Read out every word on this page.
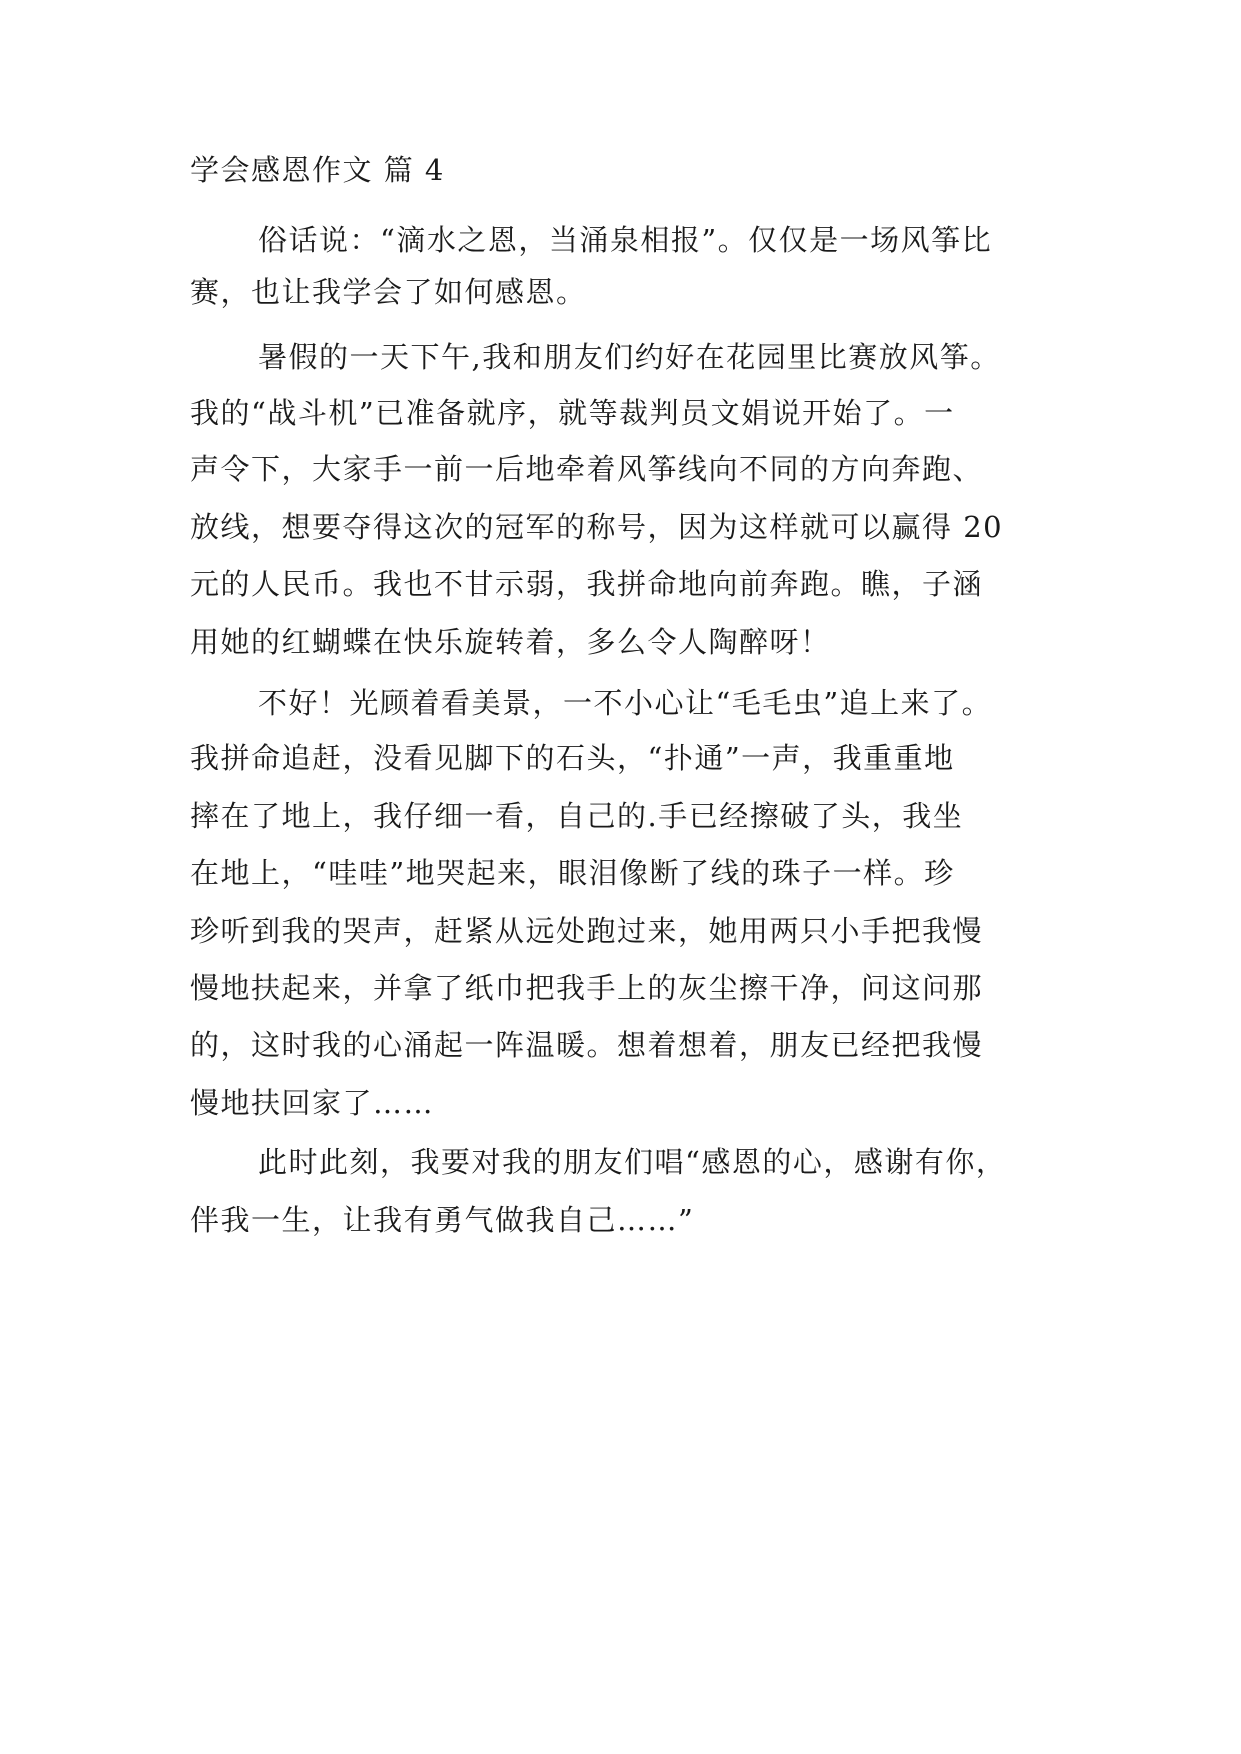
学会感恩作文 篇 4
俗话说：“滴水之恩，当涌泉相报”。仅仅是一场风筝比
赛，也让我学会了如何感恩。
暑假的一天下午,我和朋友们约好在花园里比赛放风筝。
我的“战斗机”已准备就序，就等裁判员文娟说开始了。一
声令下，大家手一前一后地牵着风筝线向不同的方向奔跑、
放线，想要夺得这次的冠军的称号，因为这样就可以赢得 20
元的人民币。我也不甘示弱，我拼命地向前奔跑。瞧，子涵
用她的红蝴蝶在快乐旋转着，多么令人陶醉呀！
不好！光顾着看美景，一不小心让“毛毛虫”追上来了。
我拼命追赶，没看见脚下的石头，“扑通”一声，我重重地
摔在了地上，我仔细一看，自己的.手已经擦破了头，我坐
在地上，“哇哇”地哭起来，眼泪像断了线的珠子一样。珍
珍听到我的哭声，赶紧从远处跑过来，她用两只小手把我慢
慢地扶起来，并拿了纸巾把我手上的灰尘擦干净，问这问那
的，这时我的心涌起一阵温暖。想着想着，朋友已经把我慢
慢地扶回家了……
此时此刻，我要对我的朋友们唱“感恩的心，感谢有你，
伴我一生，让我有勇气做我自己……”
